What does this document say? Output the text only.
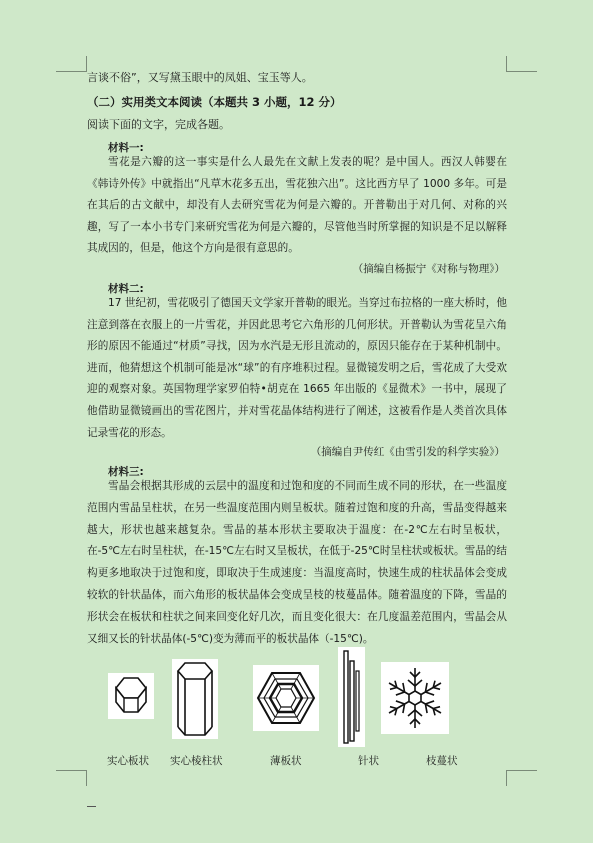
言谈不俗”，又写黛玉眼中的凤姐、宝玉等人。
（二）实用类文本阅读（本题共 3 小题，12 分）
阅读下面的文字，完成各题。
材料一:
雪花是六瓣的这一事实是什么人最先在文献上发表的呢？是中国人。西汉人韩婴在《韩诗外传》中就指出“凡草木花多五出，雪花独六出”。这比西方早了 1000 多年。可是在其后的古文献中，却没有人去研究雪花为何是六瓣的。开普勒出于对几何、对称的兴趣，写了一本小书专门来研究雪花为何是六瓣的，尽管他当时所掌握的知识是不足以解释其成因的，但是，他这个方向是很有意思的。
（摘编自杨振宁《对称与物理》）
材料二:
17 世纪初，雪花吸引了德国天文学家开普勒的眼光。当穿过布拉格的一座大桥时，他注意到落在衣服上的一片雪花，并因此思考它六角形的几何形状。开普勒认为雪花呈六角形的原因不能通过“材质”寻找，因为水汽是无形且流动的，原因只能存在于某种机制中。进而，他猜想这个机制可能是冰“球”的有序堆积过程。显微镜发明之后，雪花成了大受欢迎的观察对象。英国物理学家罗伯特•胡克在 1665 年出版的《显微术》一书中，展现了他借助显微镜画出的雪花图片，并对雪花晶体结构进行了阐述，这被看作是人类首次具体记录雪花的形态。
（摘编自尹传红《由雪引发的科学实验》）
材料三:
雪晶会根据其形成的云层中的温度和过饱和度的不同而生成不同的形状，在一些温度范围内雪晶呈柱状，在另一些温度范围内则呈板状。随着过饱和度的升高，雪晶变得越来越大，形状也越来越复杂。雪晶的基本形状主要取决于温度：在-2℃左右时呈板状，在-5℃左右时呈柱状，在-15℃左右时又呈板状，在低于-25℃时呈柱状或板状。雪晶的结构更多地取决于过饱和度，即取决于生成速度：当温度高时，快速生成的柱状晶体会变成较软的针状晶体，而六角形的板状晶体会变成呈枝的枝蔓晶体。随着温度的下降，雪晶的形状会在板状和柱状之间来回变化好几次，而且变化很大：在几度温差范围内，雪晶会从又细又长的针状晶体(-5℃)变为薄而平的板状晶体（-15℃)。
实心板状 实心棱柱状	薄板状	针状	枝蔓状
